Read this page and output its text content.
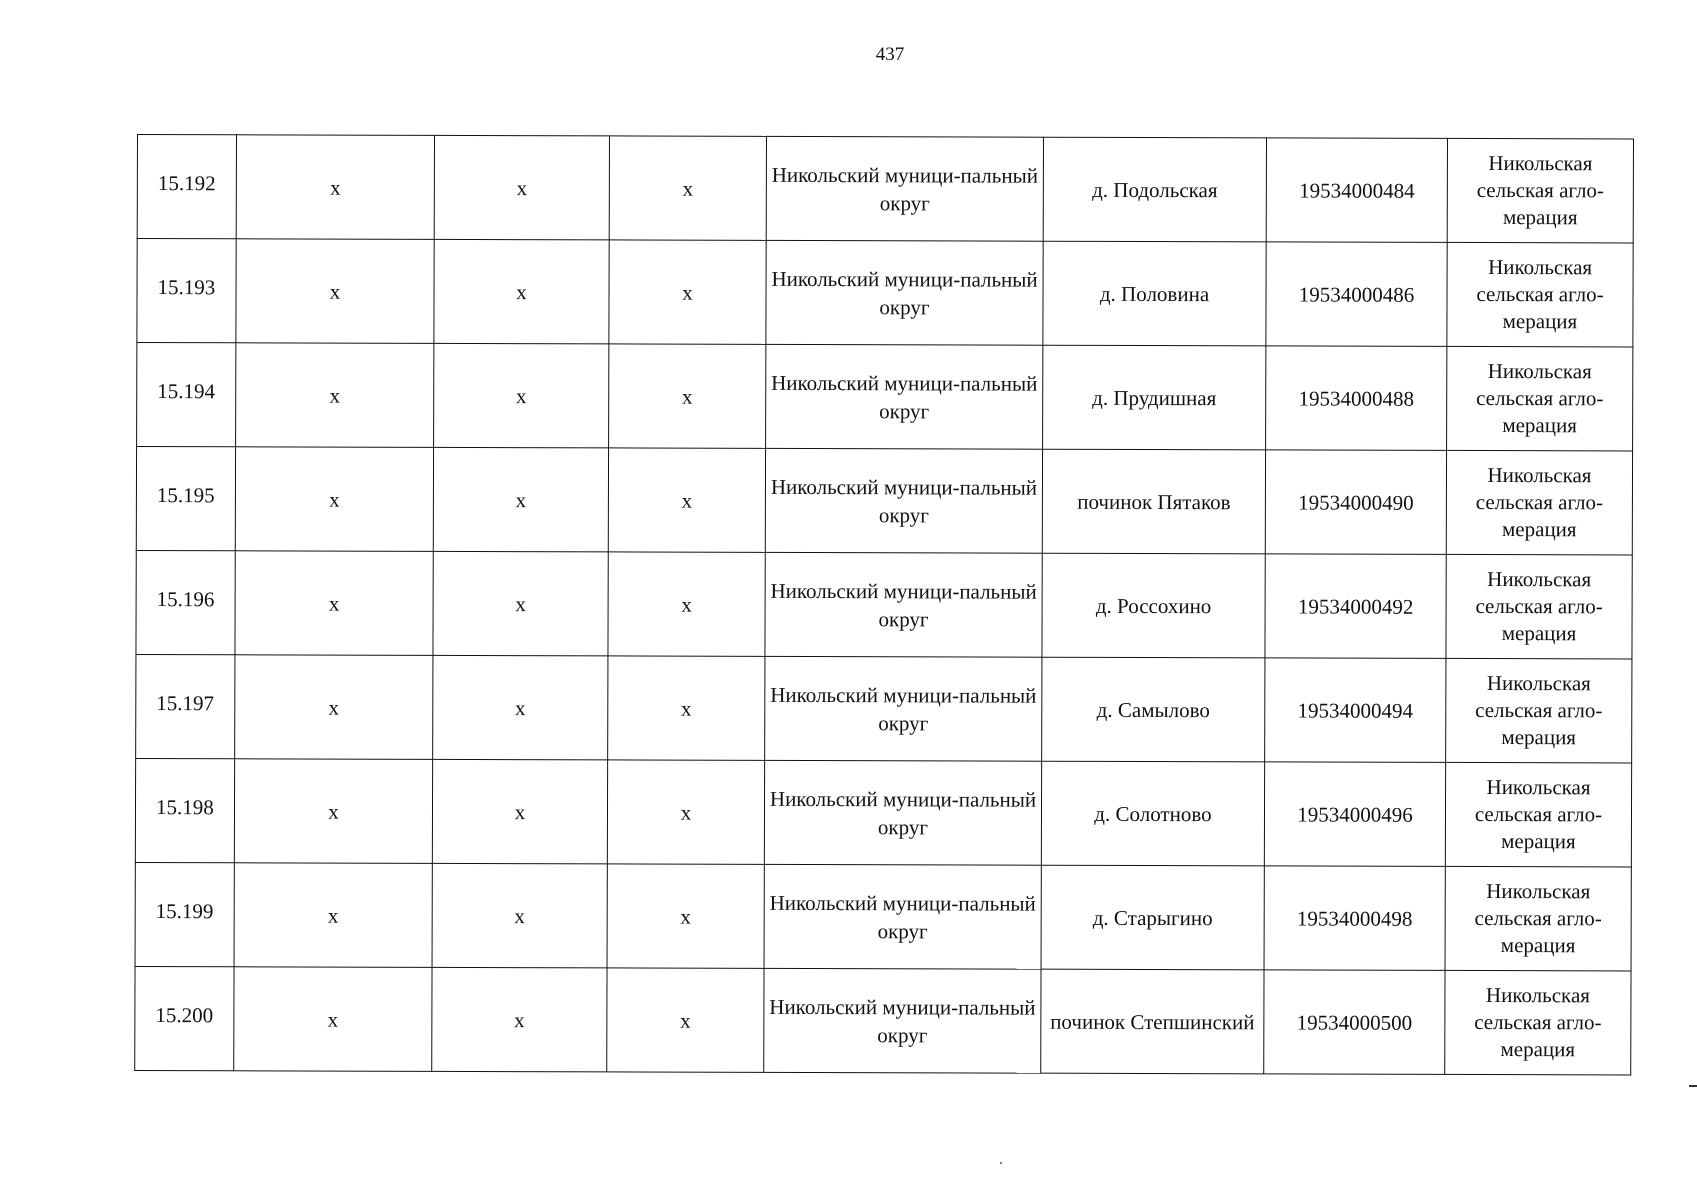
437
15.192	x	x	x	Никольский муници-пальный округ	д. Подольская	19534000484	Никольская сельская агло-мерация
15.193	x	x	x	Никольский муници-пальный округ	д. Половина	19534000486	Никольская сельская агло-мерация
15.194	x	x	x	Никольский муници-пальный округ	д. Прудишная	19534000488	Никольская сельская агло-мерация
15.195	x	x	x	Никольский муници-пальный округ	починок Пятаков	19534000490	Никольская сельская агло-мерация
15.196	x	x	x	Никольский муници-пальный округ	д. Россохино	19534000492	Никольская сельская агло-мерация
15.197	x	x	x	Никольский муници-пальный округ	д. Самылово	19534000494	Никольская сельская агло-мерация
15.198	x	x	x	Никольский муници-пальный округ	д. Солотново	19534000496	Никольская сельская агло-мерация
15.199	x	x	x	Никольский муници-пальный округ	д. Старыгино	19534000498	Никольская сельская агло-мерация
15.200	x	x	x	Никольский муници-пальный округ	починок Степшинский	19534000500	Никольская сельская агло-мерация
